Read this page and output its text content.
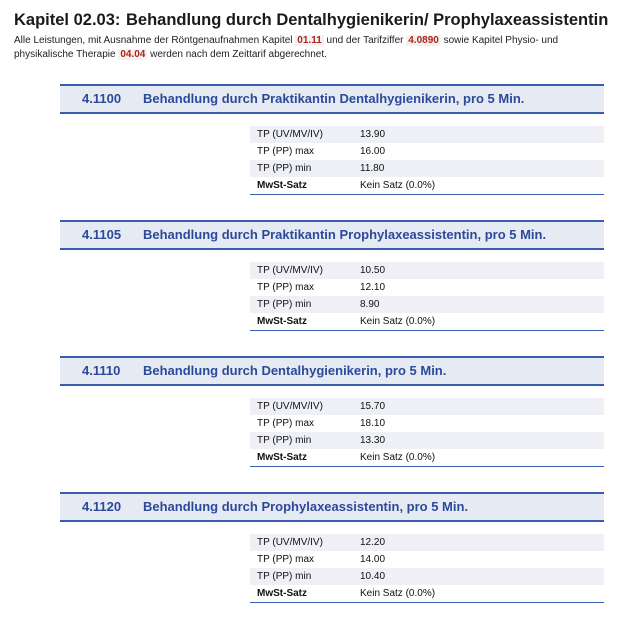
Kapitel 02.03: Behandlung durch Dentalhygienikerin/ Prophylaxeassistentin
Alle Leistungen, mit Ausnahme der Röntgenaufnahmen Kapitel 01.11 und der Tarifziffer 4.0890 sowie Kapitel Physio- und physikalische Therapie 04.04 werden nach dem Zeittarif abgerechnet.
4.1100 Behandlung durch Praktikantin Dentalhygienikerin, pro 5 Min.
TP (UV/MV/IV)	13.90
TP (PP) max	16.00
TP (PP) min	11.80
MwSt-Satz	Kein Satz (0.0%)
4.1105 Behandlung durch Praktikantin Prophylaxeassistentin, pro 5 Min.
TP (UV/MV/IV)	10.50
TP (PP) max	12.10
TP (PP) min	8.90
MwSt-Satz	Kein Satz (0.0%)
4.1110 Behandlung durch Dentalhygienikerin, pro 5 Min.
TP (UV/MV/IV)	15.70
TP (PP) max	18.10
TP (PP) min	13.30
MwSt-Satz	Kein Satz (0.0%)
4.1120 Behandlung durch Prophylaxeassistentin, pro 5 Min.
TP (UV/MV/IV)	12.20
TP (PP) max	14.00
TP (PP) min	10.40
MwSt-Satz	Kein Satz (0.0%)
